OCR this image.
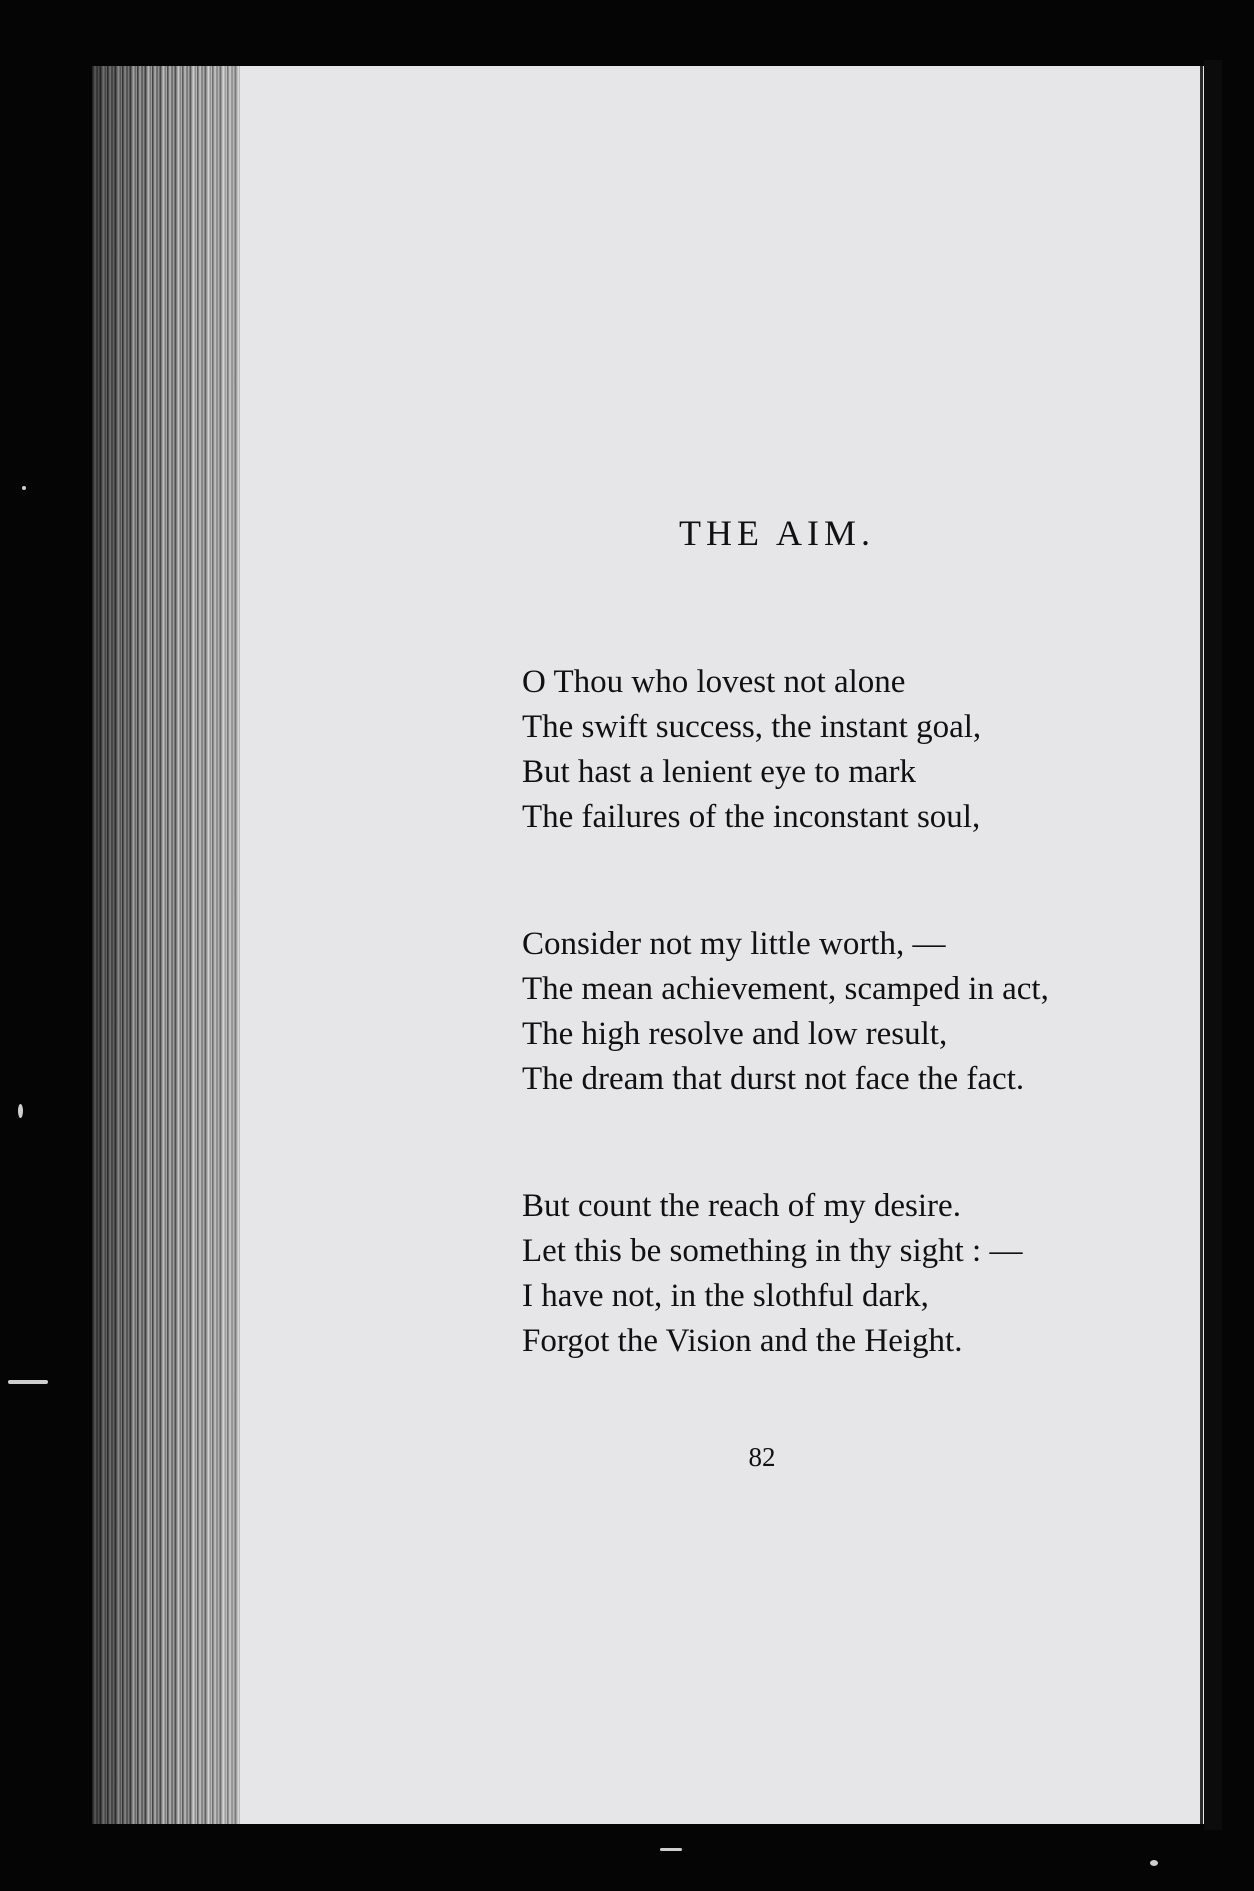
THE AIM.
O Thou who lovest not alone
The swift success, the instant goal,
But hast a lenient eye to mark
The failures of the inconstant soul,
Consider not my little worth, —
The mean achievement, scamped in act,
The high resolve and low result,
The dream that durst not face the fact.
But count the reach of my desire.
Let this be something in thy sight : —
I have not, in the slothful dark,
Forgot the Vision and the Height.
82
